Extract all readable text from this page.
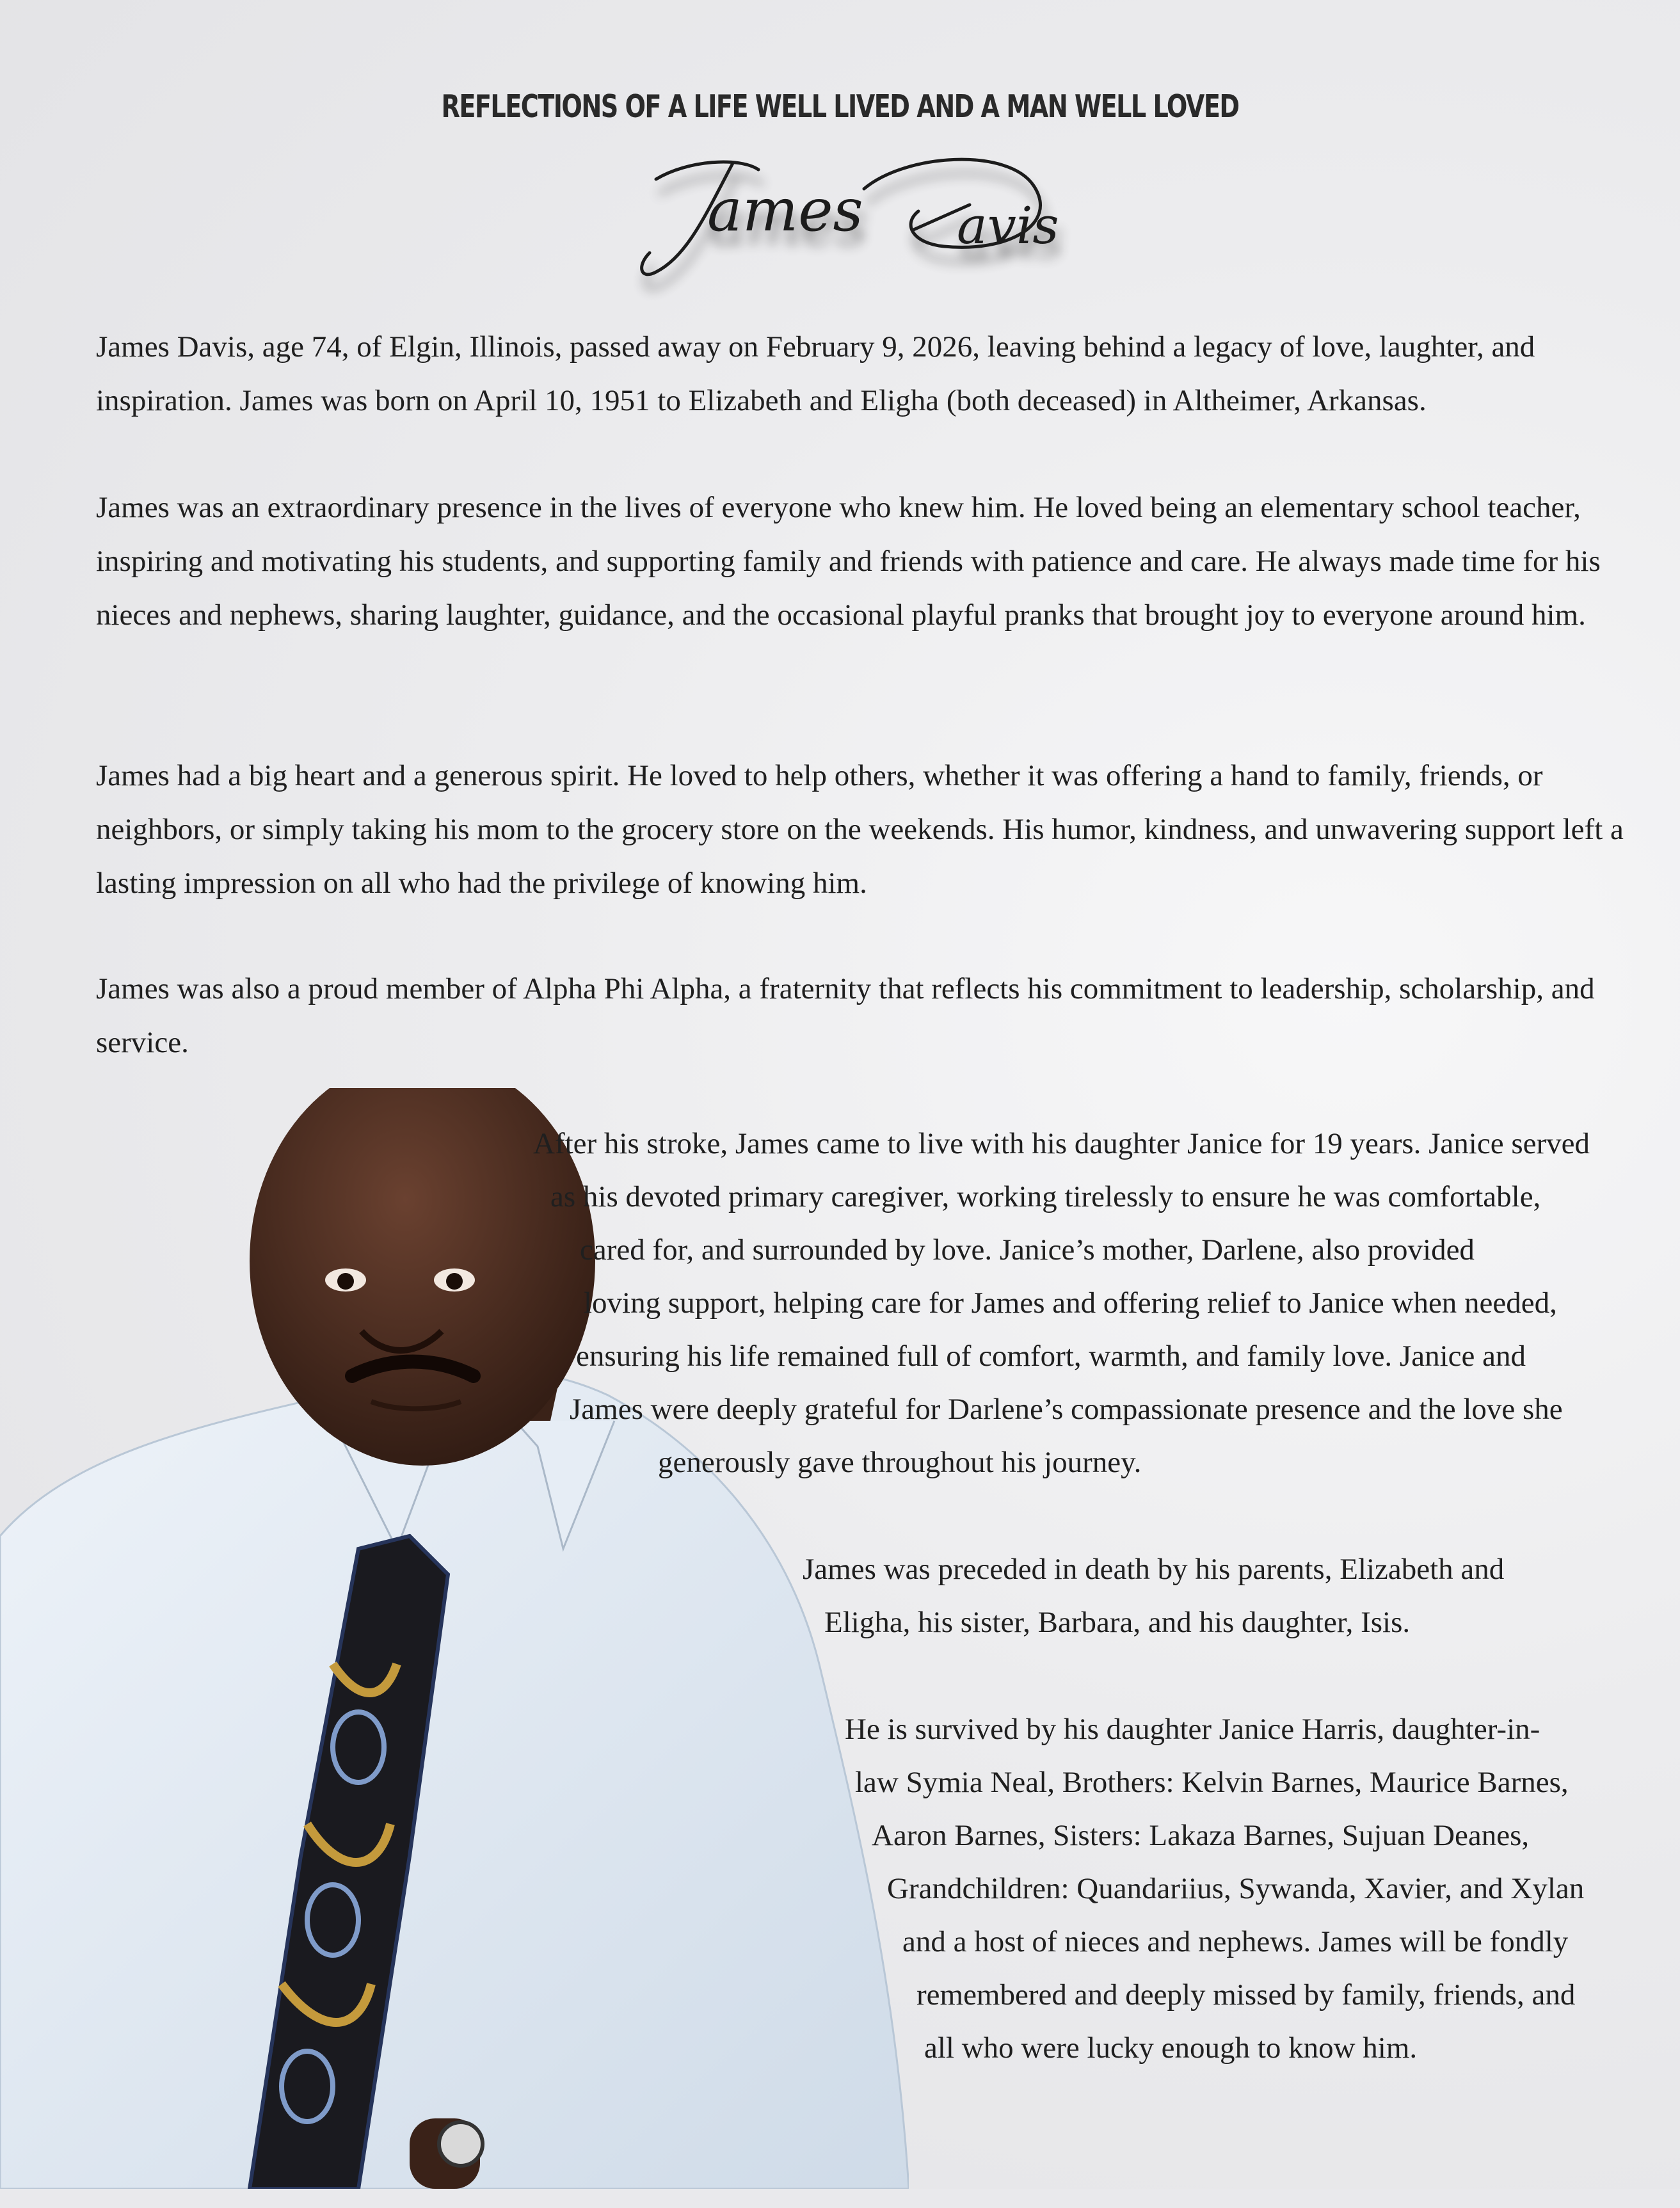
REFLECTIONS OF A LIFE WELL LIVED AND A MAN WELL LOVED
ames avis

James Davis, age 74, of Elgin, Illinois, passed away on February 9, 2026, leaving behind a legacy of love, laughter, and inspiration. James was born on April 10, 1951 to Elizabeth and Eligha (both deceased) in Altheimer, Arkansas.

James was an extraordinary presence in the lives of everyone who knew him. He loved being an elementary school teacher, inspiring and motivating his students, and supporting family and friends with patience and care. He always made time for his nieces and nephews, sharing laughter, guidance, and the occasional playful pranks that brought joy to everyone around him.

James had a big heart and a generous spirit. He loved to help others, whether it was offering a hand to family, friends, or neighbors, or simply taking his mom to the grocery store on the weekends. His humor, kindness, and unwavering support left a lasting impression on all who had the privilege of knowing him.

James was also a proud member of Alpha Phi Alpha, a fraternity that reflects his commitment to leadership, scholarship, and service.

After his stroke, James came to live with his daughter Janice for 19 years. Janice served
as his devoted primary caregiver, working tirelessly to ensure he was comfortable,
cared for, and surrounded by love. Janice’s mother, Darlene, also provided
loving support, helping care for James and offering relief to Janice when needed,
ensuring his life remained full of comfort, warmth, and family love. Janice and
James were deeply grateful for Darlene’s compassionate presence and the love she
generously gave throughout his journey.
James was preceded in death by his parents, Elizabeth and
Eligha, his sister, Barbara, and his daughter, Isis.
He is survived by his daughter Janice Harris, daughter-in-
law Symia Neal, Brothers: Kelvin Barnes, Maurice Barnes,
Aaron Barnes, Sisters: Lakaza Barnes, Sujuan Deanes,
Grandchildren: Quandariius, Sywanda, Xavier, and Xylan
and a host of nieces and nephews. James will be fondly
remembered and deeply missed by family, friends, and
all who were lucky enough to know him.
